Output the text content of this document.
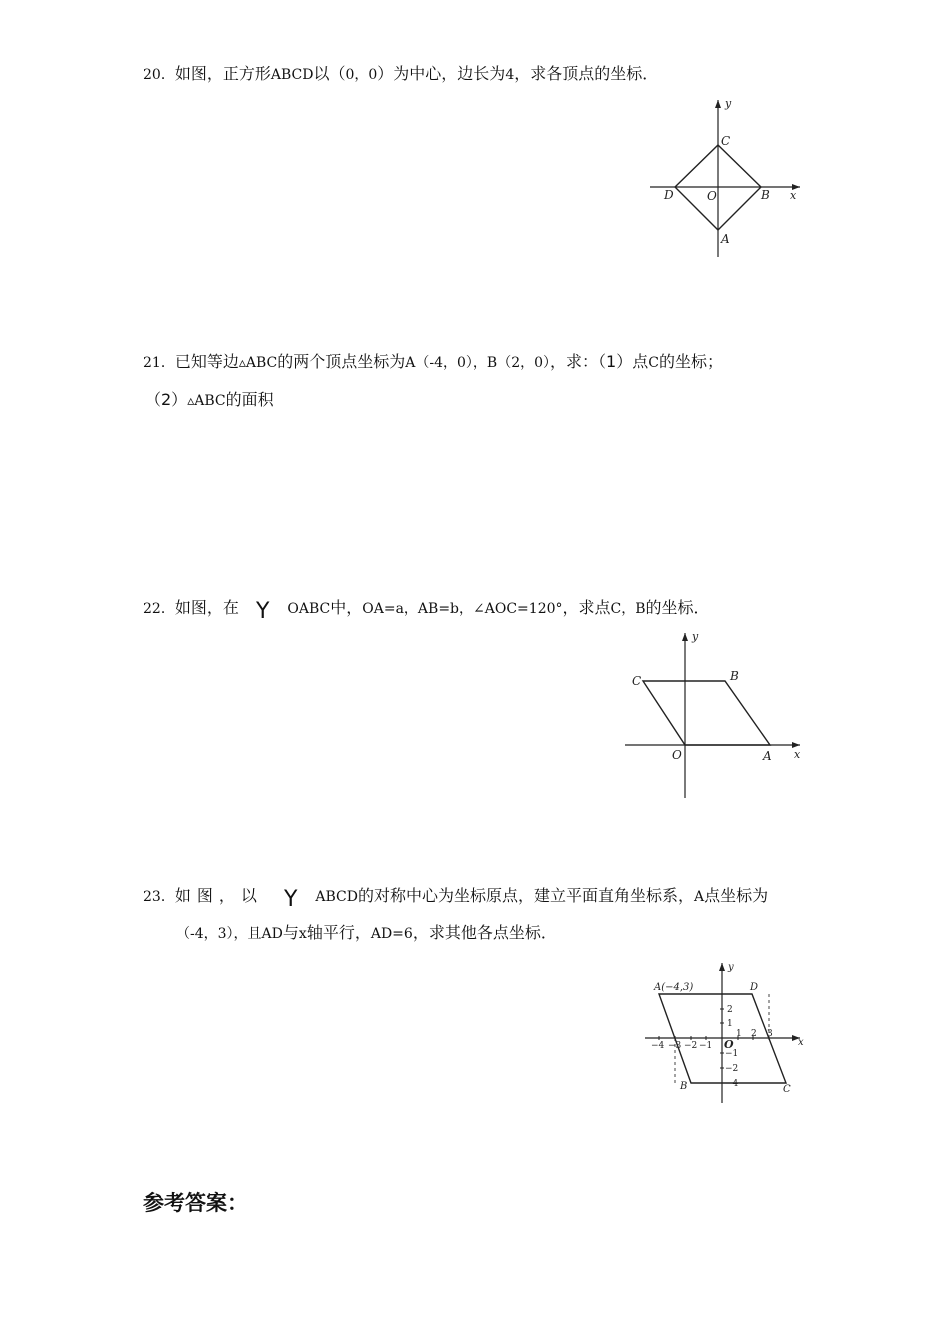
20．如图，正方形ABCD以（0，0）为中心，边长为4，求各顶点的坐标．
y
x
C
D	O	B
A
21．已知等边▵ABC的两个顶点坐标为A（-4，0），B（2，0），求：（1）点C的坐标；
（2）▵ABC的面积
22．如图，在 Y OABC中，OA=a，AB=b，∠AOC=120°，求点C，B的坐标．
y
x
C	B
O	A
23．如图，以 Y ABCD的对称中心为坐标原点，建立平面直角坐标系，A点坐标为
（-4，3），且AD与x轴平行，AD=6，求其他各点坐标．
−4 −3 −2 −1
1 2 3
2
1
−1
−2
−4
y
x
A(−4,3)	D
B	C
O
参考答案：
